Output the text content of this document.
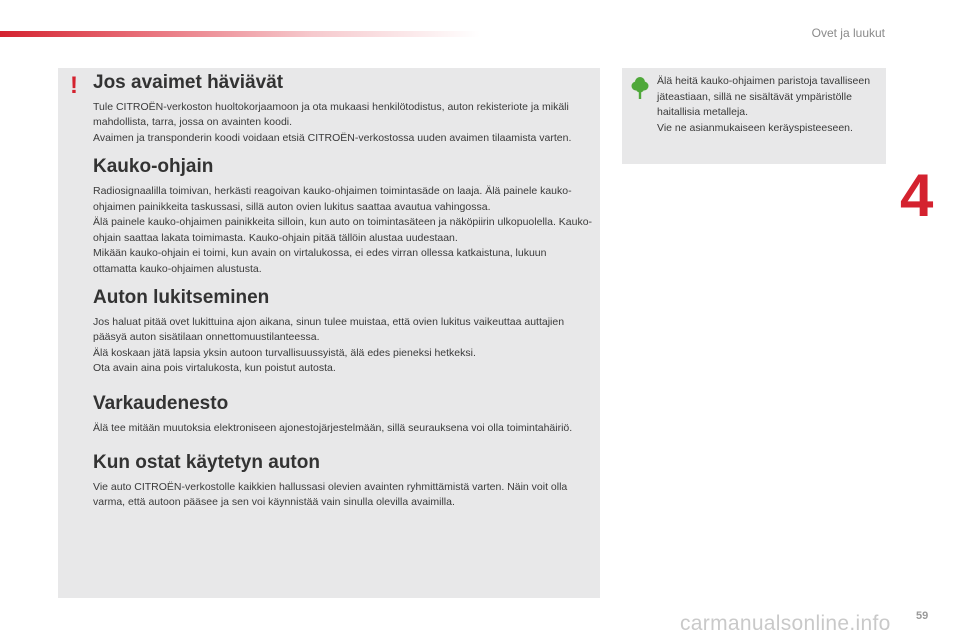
Ovet ja luukut
4
! Jos avaimet häviävät

Tule CITROËN-verkoston huoltokorjaamoon ja ota mukaasi henkilötodistus, auton rekisteriote ja mikäli mahdollista, tarra, jossa on avainten koodi.

Avaimen ja transponderin koodi voidaan etsiä CITROËN-verkostossa uuden avaimen tilaamista varten.

Kauko-ohjain

Radiosignaalilla toimivan, herkästi reagoivan kauko-ohjaimen toimintasäde on laaja. Älä painele kauko-ohjaimen painikkeita taskussasi, sillä auton ovien lukitus saattaa avautua vahingossa.

Älä painele kauko-ohjaimen painikkeita silloin, kun auto on toimintasäteen ja näköpiirin ulkopuolella. Kauko-ohjain saattaa lakata toimimasta. Kauko-ohjain pitää tällöin alustaa uudestaan.

Mikään kauko-ohjain ei toimi, kun avain on virtalukossa, ei edes virran ollessa katkaistuna, lukuun ottamatta kauko-ohjaimen alustusta.

Auton lukitseminen

Jos haluat pitää ovet lukittuina ajon aikana, sinun tulee muistaa, että ovien lukitus vaikeuttaa auttajien pääsyä auton sisätilaan onnettomuustilanteessa.

Älä koskaan jätä lapsia yksin autoon turvallisuussyistä, älä edes pieneksi hetkeksi.

Ota avain aina pois virtalukosta, kun poistut autosta.

Varkaudenesto

Älä tee mitään muutoksia elektroniseen ajonestojärjestelmään, sillä seurauksena voi olla toimintahäiriö.

Kun ostat käytetyn auton

Vie auto CITROËN-verkostolle kaikkien hallussasi olevien avainten ryhmittämistä varten. Näin voit olla varma, että autoon pääsee ja sen voi käynnistää vain sinulla olevilla avaimilla.

Älä heitä kauko-ohjaimen paristoja tavalliseen jäteastiaan, sillä ne sisältävät ympäristölle haitallisia metalleja.

Vie ne asianmukaiseen keräyspisteeseen.

carmanualsonline.info 59
